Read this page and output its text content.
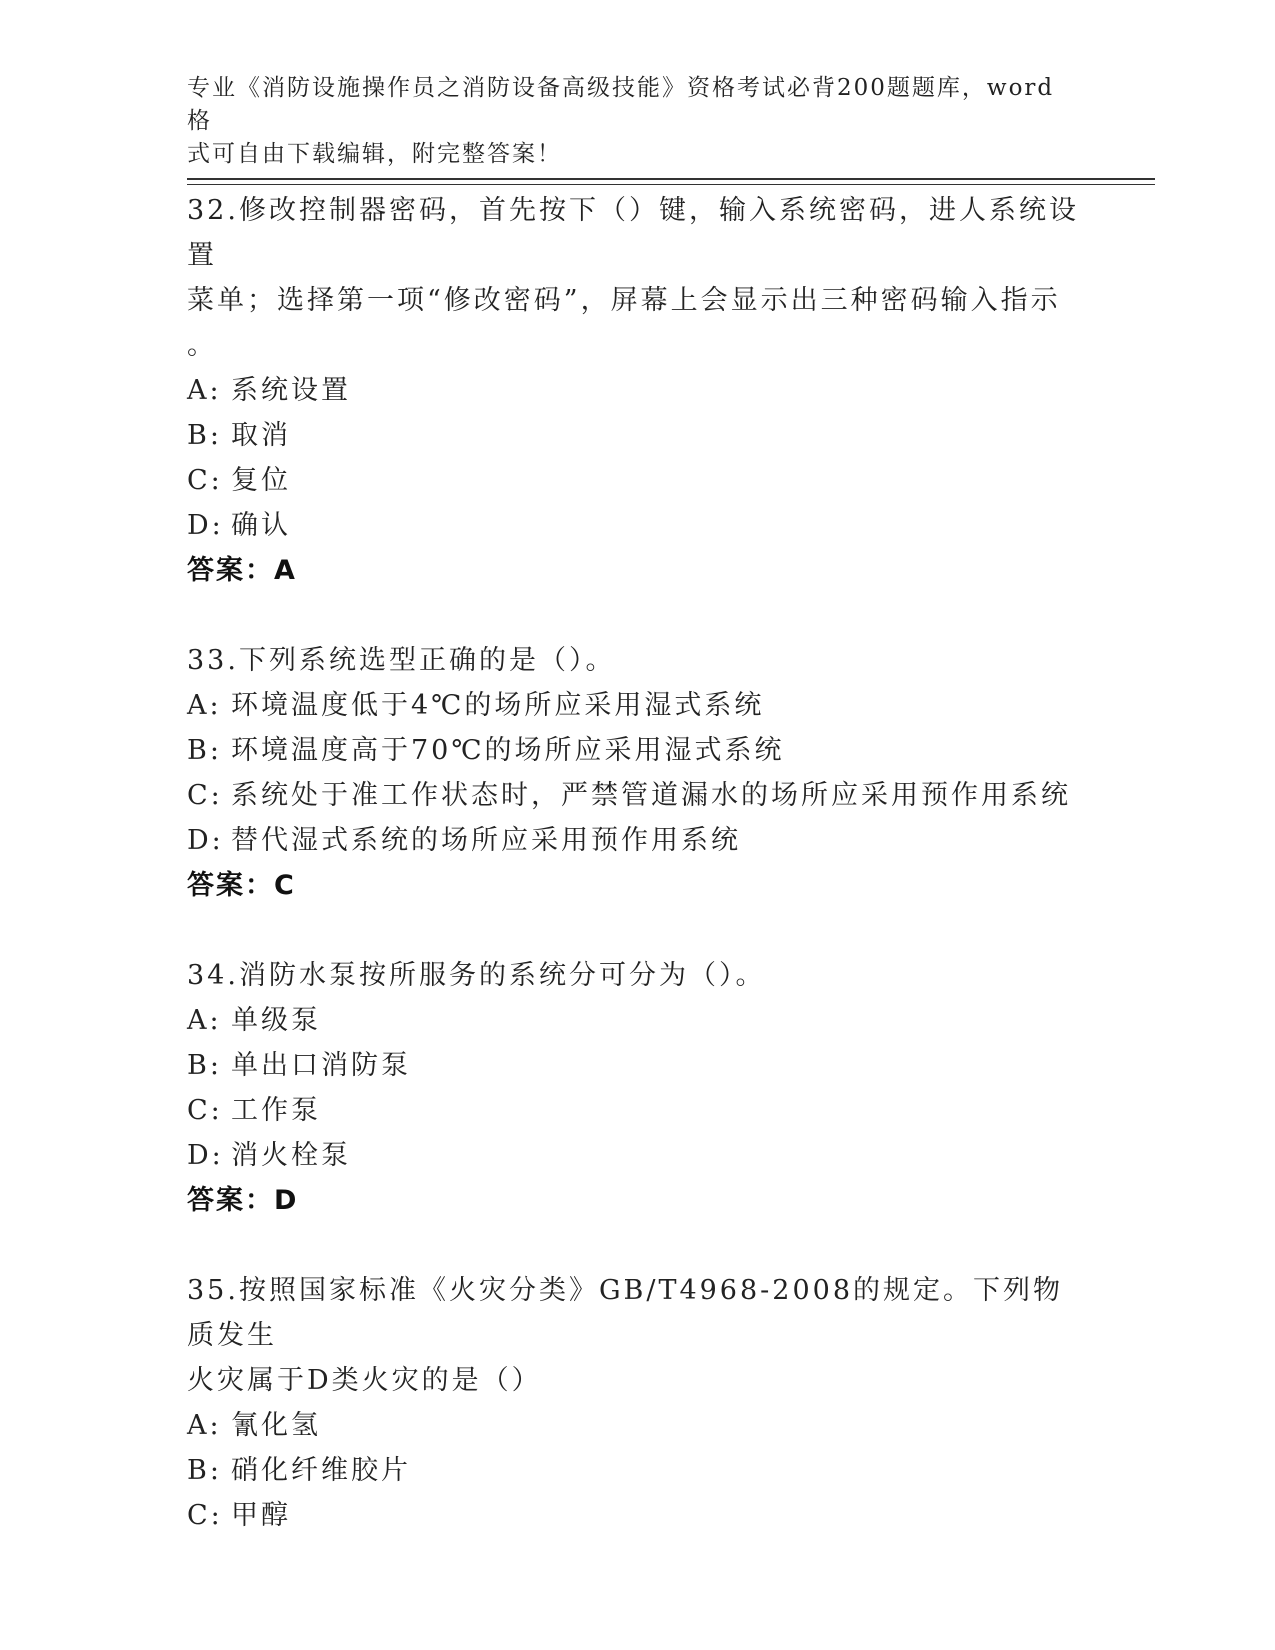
专业《消防设施操作员之消防设备高级技能》资格考试必背200题题库，word格
式可自由下载编辑，附完整答案！
32.修改控制器密码，首先按下（）键，输入系统密码，进人系统设置
菜单；选择第一项“修改密码”，屏幕上会显示出三种密码输入指示
。
A: 系统设置
B: 取消
C: 复位
D: 确认
答案：A
33.下列系统选型正确的是（）。
A: 环境温度低于4℃的场所应采用湿式系统
B: 环境温度高于70℃的场所应采用湿式系统
C: 系统处于准工作状态时，严禁管道漏水的场所应采用预作用系统
D: 替代湿式系统的场所应采用预作用系统
答案：C
34.消防水泵按所服务的系统分可分为（）。
A: 单级泵
B: 单出口消防泵
C: 工作泵
D: 消火栓泵
答案：D
35.按照国家标准《火灾分类》GB/T4968-2008的规定。下列物质发生
火灾属于D类火灾的是（）
A: 氰化氢
B: 硝化纤维胶片
C: 甲醇
